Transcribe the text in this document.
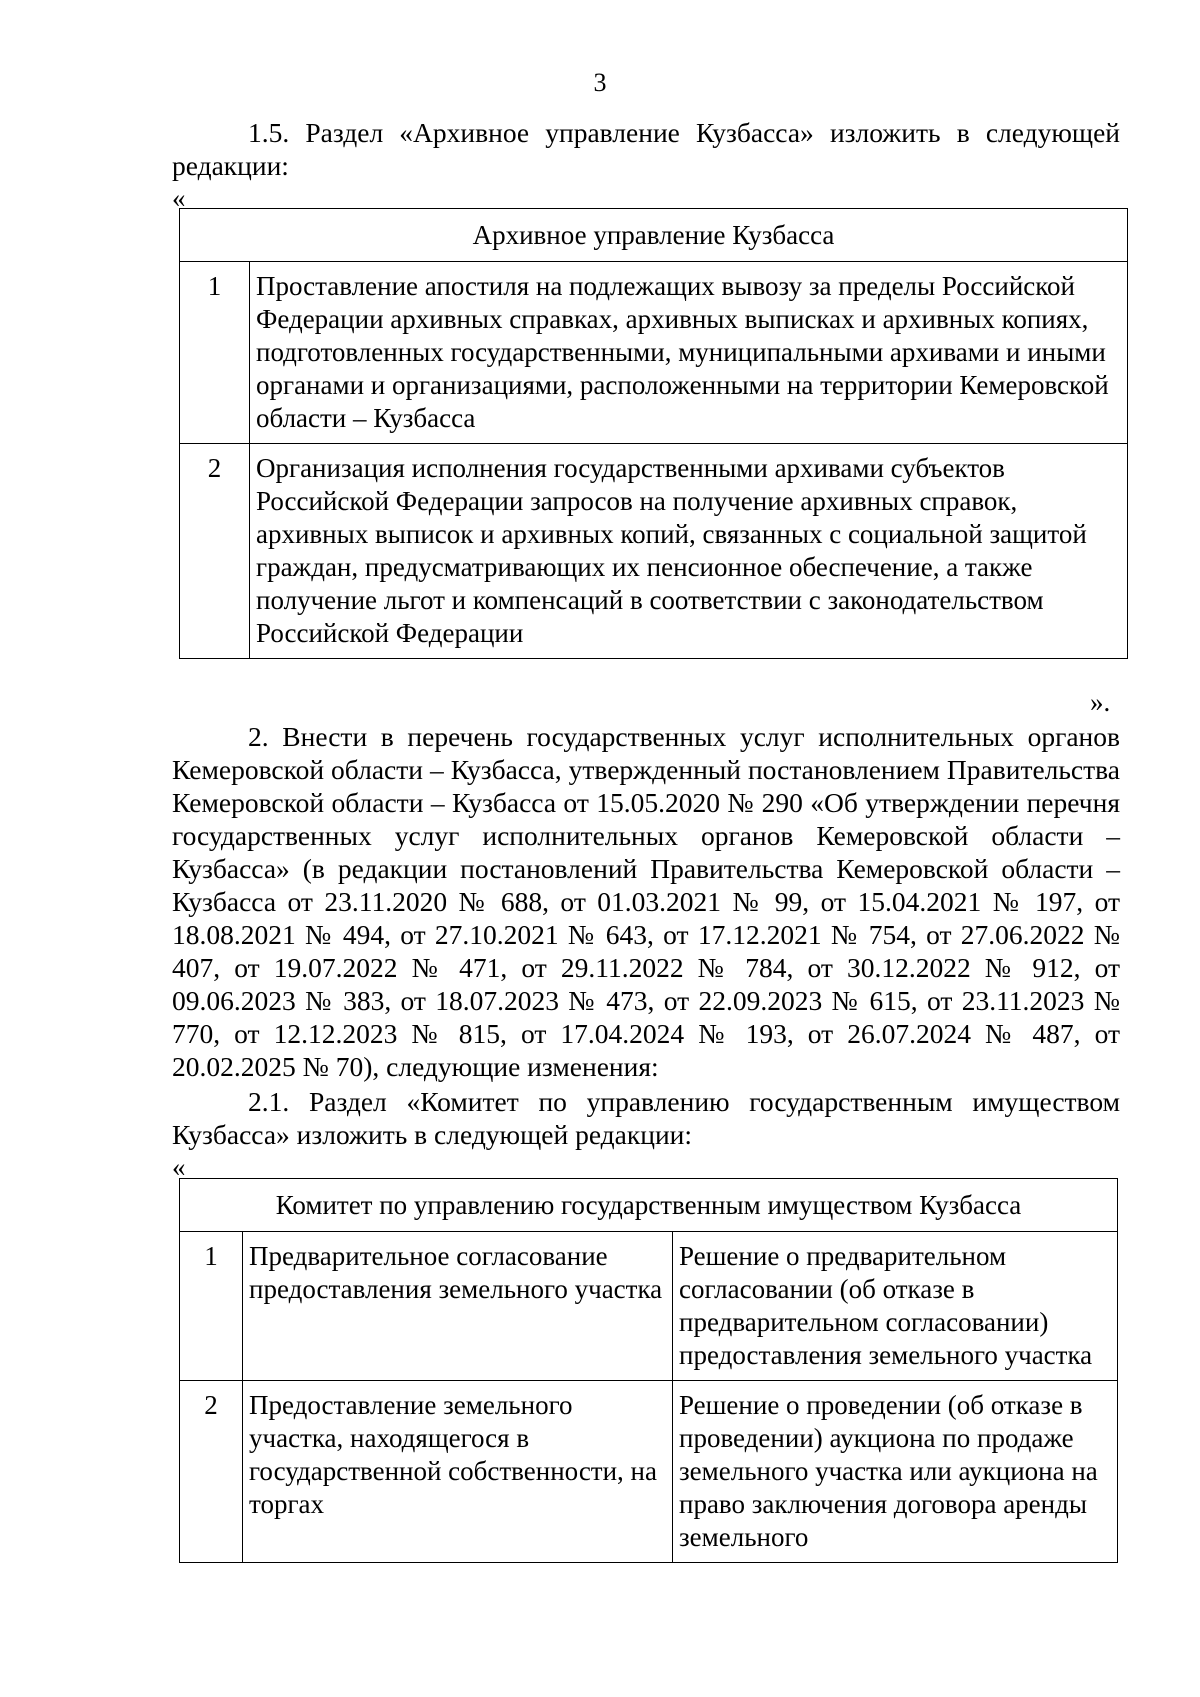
3

1.5. Раздел «Архивное управление Кузбасса» изложить в следующей редакции:

«
Архивное управление Кузбасса	
1	Проставление апостиля на подлежащих вывозу за пределы Российской Федерации архивных справках, архивных выписках и архивных копиях, подготовленных государственными, муниципальными архивами и иными органами и организациями, расположенными на территории Кемеровской области – Кузбасса
2	Организация исполнения государственными архивами субъектов Российской Федерации запросов на получение архивных справок, архивных выписок и архивных копий, связанных с социальной защитой граждан, предусматривающих их пенсионное обеспечение, а также получение льгот и компенсаций в соответствии с законодательством Российской Федерации
».

2. Внести в перечень государственных услуг исполнительных органов Кемеровской области – Кузбасса, утвержденный постановлением Правительства Кемеровской области – Кузбасса от 15.05.2020 № 290 «Об утверждении перечня государственных услуг исполнительных органов Кемеровской области – Кузбасса» (в редакции постановлений Правительства Кемеровской области – Кузбасса от 23.11.2020 № 688, от 01.03.2021 № 99, от 15.04.2021 № 197, от 18.08.2021 № 494, от 27.10.2021 № 643, от 17.12.2021 № 754, от 27.06.2022 № 407, от 19.07.2022 № 471, от 29.11.2022 № 784, от 30.12.2022 № 912, от 09.06.2023 № 383, от 18.07.2023 № 473, от 22.09.2023 № 615, от 23.11.2023 № 770, от 12.12.2023 № 815, от 17.04.2024 № 193, от 26.07.2024 № 487, от 20.02.2025 № 70), следующие изменения:

2.1. Раздел «Комитет по управлению государственным имуществом Кузбасса» изложить в следующей редакции:

«
Комитет по управлению государственным имуществом Кузбасса		
1	Предварительное согласование предоставления земельного участка	Решение о предварительном согласовании (об отказе в предварительном согласовании) предоставления земельного участка
2	Предоставление земельного участка, находящегося в государственной собственности, на торгах	Решение о проведении (об отказе в проведении) аукциона по продаже земельного участка или аукциона на право заключения договора аренды земельного
